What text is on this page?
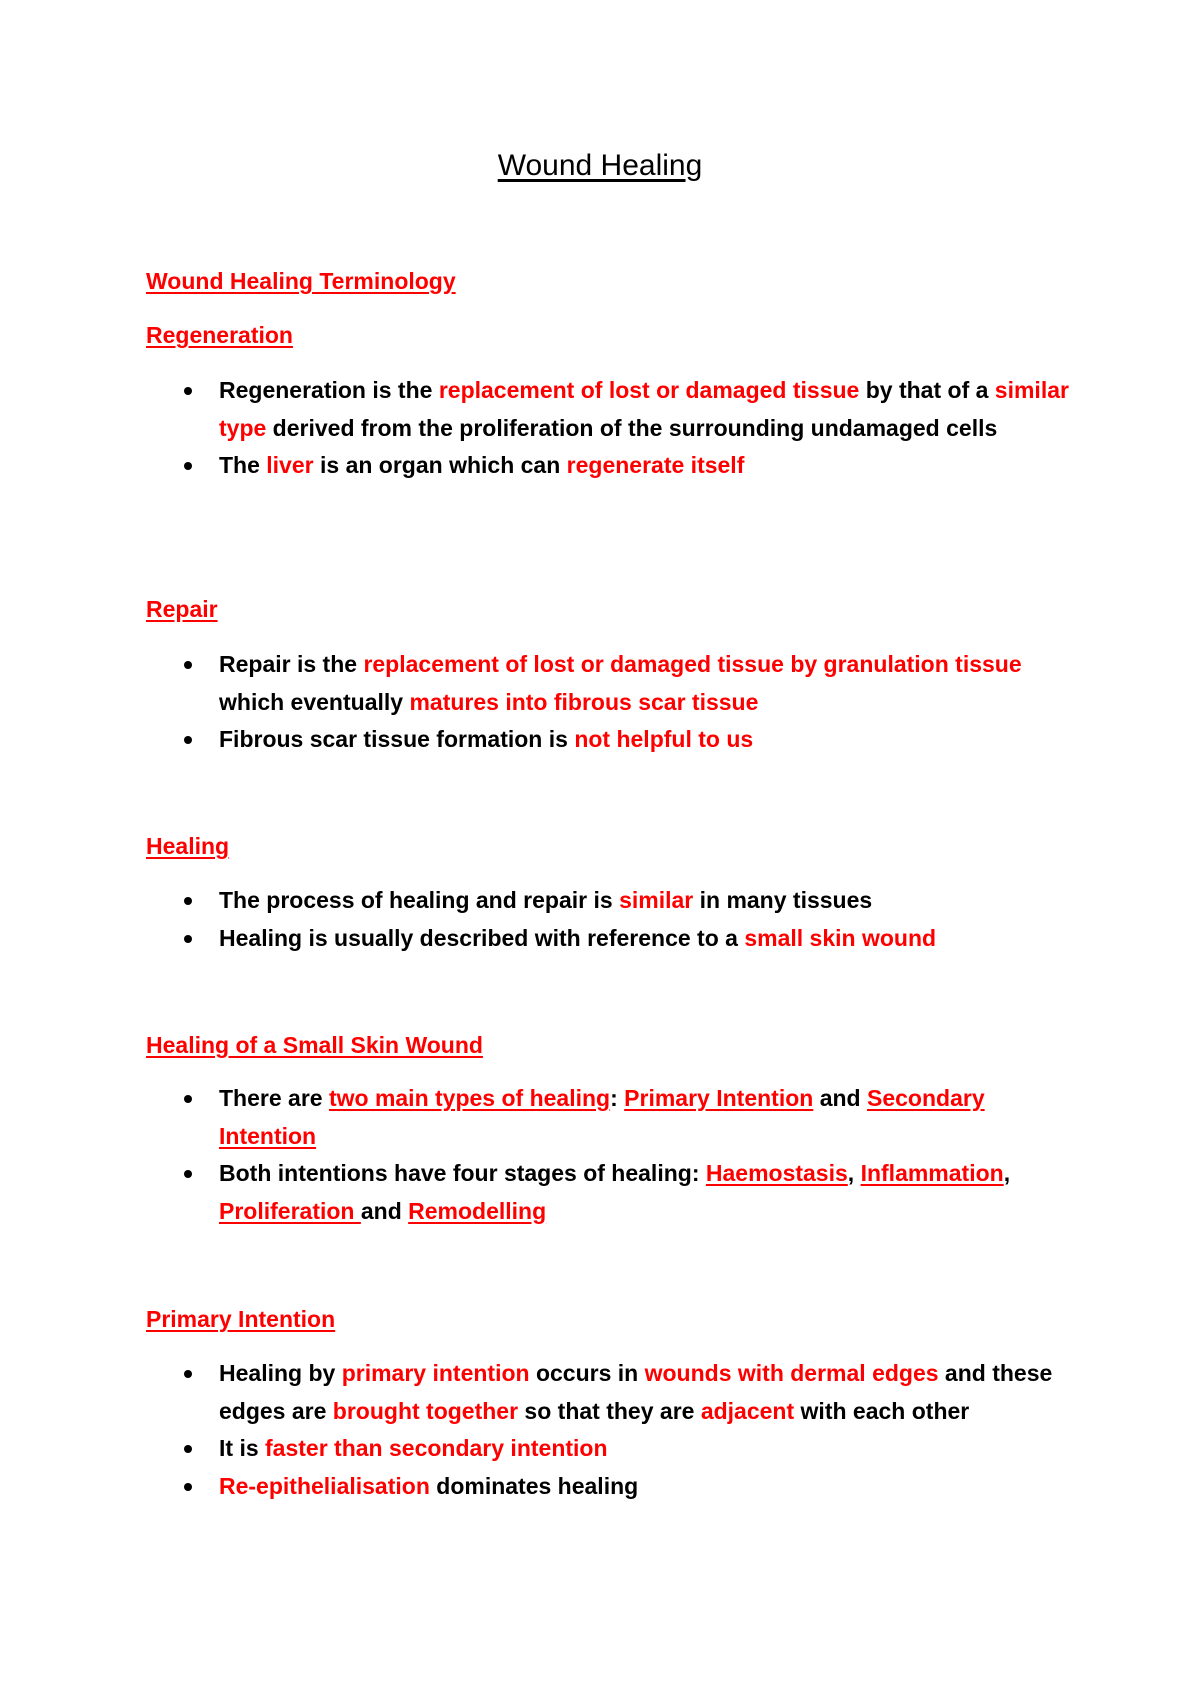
Wound Healing
Wound Healing Terminology
Regeneration
Regeneration is the replacement of lost or damaged tissue by that of a similar type derived from the proliferation of the surrounding undamaged cells
The liver is an organ which can regenerate itself
Repair
Repair is the replacement of lost or damaged tissue by granulation tissue which eventually matures into fibrous scar tissue
Fibrous scar tissue formation is not helpful to us
Healing
The process of healing and repair is similar in many tissues
Healing is usually described with reference to a small skin wound
Healing of a Small Skin Wound
There are two main types of healing: Primary Intention and Secondary Intention
Both intentions have four stages of healing: Haemostasis, Inflammation, Proliferation and Remodelling
Primary Intention
Healing by primary intention occurs in wounds with dermal edges and these edges are brought together so that they are adjacent with each other
It is faster than secondary intention
Re-epithelialisation dominates healing
